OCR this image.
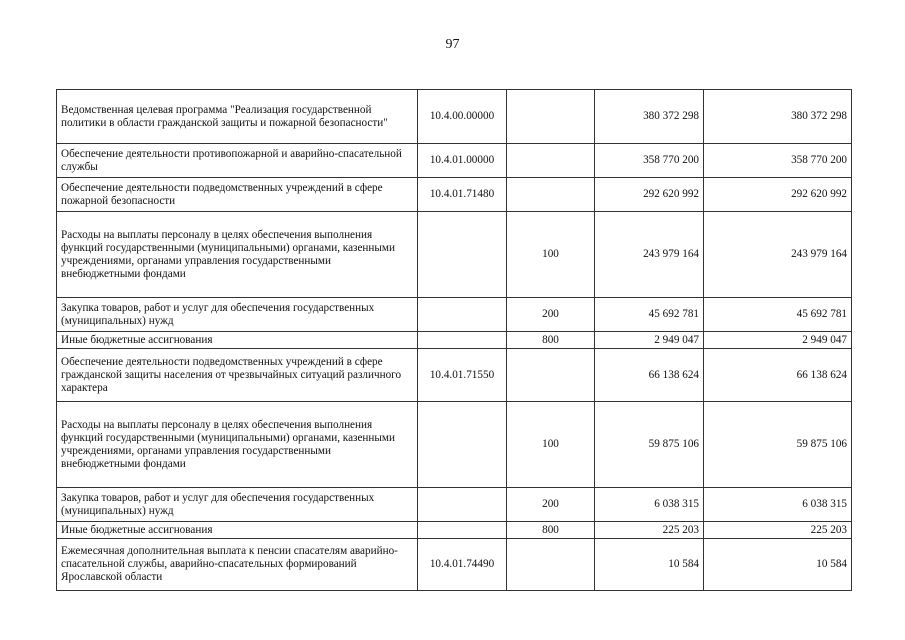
97
Ведомственная целевая программа "Реализация государственной политики в области гражданской защиты и пожарной безопасности"	10.4.00.00000		380 372 298	380 372 298
Обеспечение деятельности противопожарной и аварийно-спасательной службы	10.4.01.00000		358 770 200	358 770 200
Обеспечение деятельности подведомственных учреждений в сфере пожарной безопасности	10.4.01.71480		292 620 992	292 620 992
Расходы на выплаты персоналу в целях обеспечения выполнения функций государственными (муниципальными) органами, казенными учреждениями, органами управления государственными внебюджетными фондами		100	243 979 164	243 979 164
Закупка товаров, работ и услуг для обеспечения государственных (муниципальных) нужд		200	45 692 781	45 692 781
Иные бюджетные ассигнования		800	2 949 047	2 949 047
Обеспечение деятельности подведомственных учреждений в сфере гражданской защиты населения от чрезвычайных ситуаций различного характера	10.4.01.71550		66 138 624	66 138 624
Расходы на выплаты персоналу в целях обеспечения выполнения функций государственными (муниципальными) органами, казенными учреждениями, органами управления государственными внебюджетными фондами		100	59 875 106	59 875 106
Закупка товаров, работ и услуг для обеспечения государственных (муниципальных) нужд		200	6 038 315	6 038 315
Иные бюджетные ассигнования		800	225 203	225 203
Ежемесячная дополнительная выплата к пенсии спасателям аварийно-спасательной службы, аварийно-спасательных формирований Ярославской области	10.4.01.74490		10 584	10 584
